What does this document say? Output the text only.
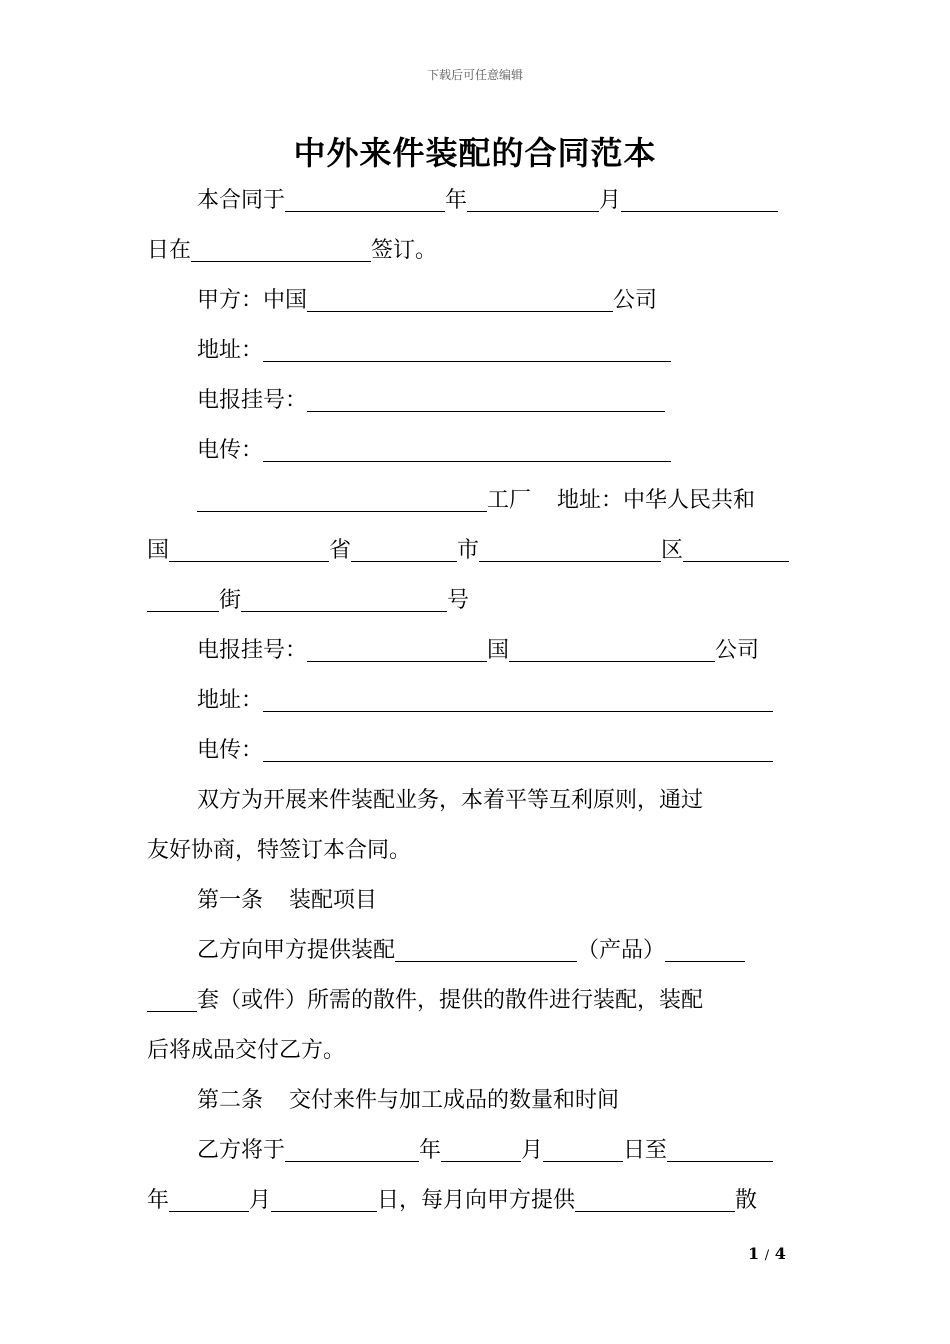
下载后可任意编辑
中外来件装配的合同范本
本合同于	年	月
日在	签订。
甲方：中国	公司
地址：
电报挂号：
电传：
工厂 地址：中华人民共和
国	省	市	区
街	号
电报挂号：	国	公司
地址：
电传：
双方为开展来件装配业务，本着平等互利原则，通过
友好协商，特签订本合同。
第一条 装配项目
乙方向甲方提供装配	（产品）
套（或件）所需的散件，提供的散件进行装配，装配
后将成品交付乙方。
第二条 交付来件与加工成品的数量和时间
乙方将于	年	月	日至
年	月	日，每月向甲方提供	散
1 / 4
